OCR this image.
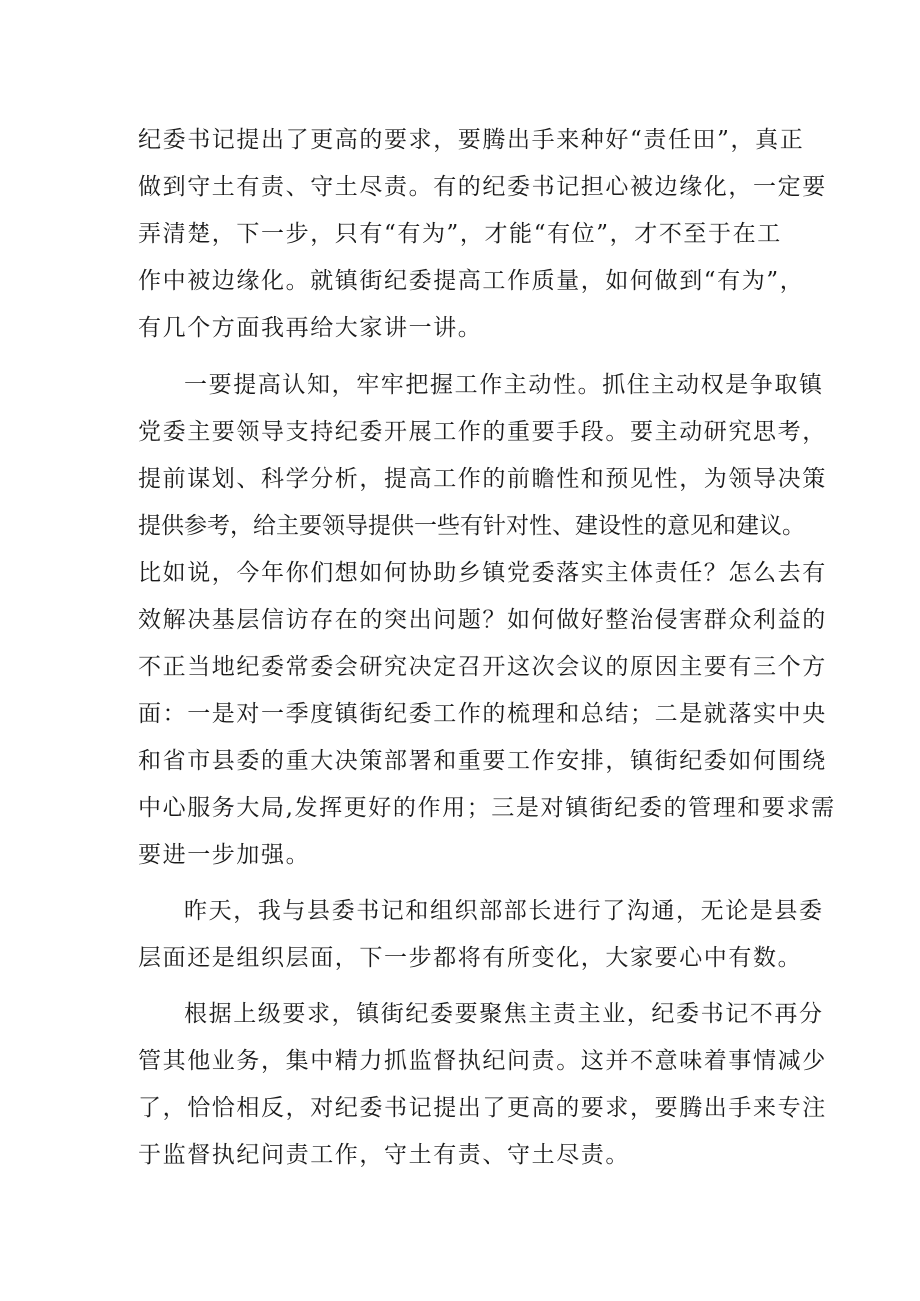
纪委书记提出了更高的要求，要腾出手来种好“责任田”，真正
做到守土有责、守土尽责。有的纪委书记担心被边缘化，一定要
弄清楚，下一步，只有“有为”，才能“有位”，才不至于在工
作中被边缘化。就镇街纪委提高工作质量，如何做到“有为”，
有几个方面我再给大家讲一讲。
一要提高认知，牢牢把握工作主动性。抓住主动权是争取镇
党委主要领导支持纪委开展工作的重要手段。要主动研究思考，
提前谋划、科学分析，提高工作的前瞻性和预见性，为领导决策
提供参考，给主要领导提供一些有针对性、建设性的意见和建议。
比如说，今年你们想如何协助乡镇党委落实主体责任？怎么去有
效解决基层信访存在的突出问题？如何做好整治侵害群众利益的
不正当地纪委常委会研究决定召开这次会议的原因主要有三个方
面：一是对一季度镇街纪委工作的梳理和总结；二是就落实中央
和省市县委的重大决策部署和重要工作安排，镇街纪委如何围绕
中心服务大局,发挥更好的作用；三是对镇街纪委的管理和要求需
要进一步加强。
昨天，我与县委书记和组织部部长进行了沟通，无论是县委
层面还是组织层面，下一步都将有所变化，大家要心中有数。
根据上级要求，镇街纪委要聚焦主责主业，纪委书记不再分
管其他业务，集中精力抓监督执纪问责。这并不意味着事情减少
了，恰恰相反，对纪委书记提出了更高的要求，要腾出手来专注
于监督执纪问责工作，守土有责、守土尽责。
